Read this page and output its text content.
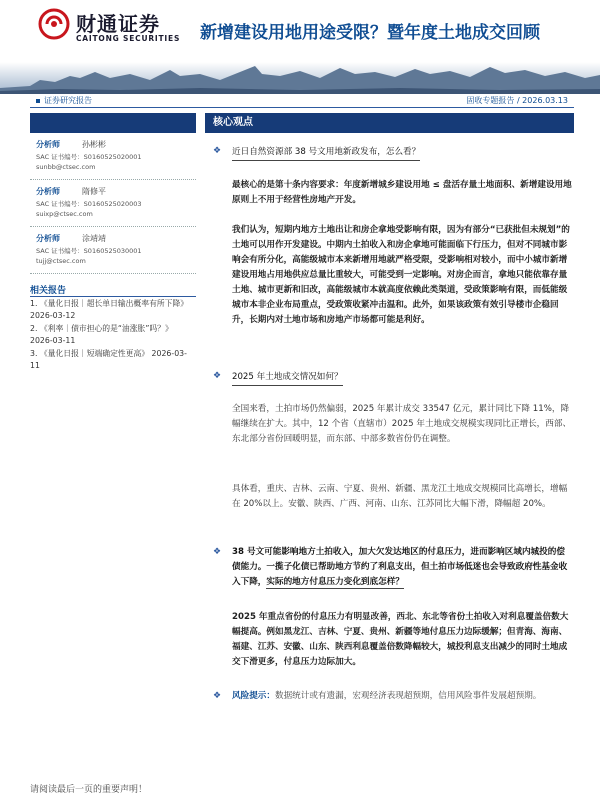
财通证券
CAITONG SECURITIES 新增建设用地用途受限？暨年度土地成交回顾
证券研究报告	固收专题报告 / 2026.03.13
分析师	孙彬彬
SAC 证书编号：S0160525020001
sunbb@ctsec.com
分析师	隋修平
SAC 证书编号：S0160525020003
suixp@ctsec.com
分析师	涂靖靖
SAC 证书编号：S0160525030001
tujj@ctsec.com
相关报告
1. 《量化日报｜超长单日输出概率有所下降》 2026-03-12
2. 《利率｜债市担心的是“油涨胀”吗？》 2026-03-11
3. 《量化日报｜短端确定性更高》 2026-03-11
核心观点
❖ 近日自然资源部 38 号文用地新政发布，怎么看？
最核心的是第十条内容要求：年度新增城乡建设用地 ≤ 盘活存量土地面积、新增建设用地原则上不用于经营性房地产开发。
我们认为，短期内地方土地出让和房企拿地受影响有限，因为有部分“已获批但未规划”的土地可以用作开发建设。中期内土拍收入和房企拿地可能面临下行压力，但对不同城市影响会有所分化，高能级城市本来新增用地就严格受限，受影响相对较小，而中小城市新增建设用地占用地供应总量比重较大，可能受到一定影响。对房企而言，拿地只能依靠存量土地、城市更新和旧改，高能级城市本就高度依赖此类渠道，受政策影响有限，而低能级城市本非企业布局重点，受政策收紧冲击温和。此外，如果该政策有效引导楼市企稳回升，长期内对土地市场和房地产市场都可能是利好。
❖ 2025 年土地成交情况如何？
全国来看，土拍市场仍然偏弱，2025 年累计成交 33547 亿元，累计同比下降 11%，降幅继续在扩大。其中，12 个省（直辖市）2025 年土地成交规模实现同比正增长，西部、东北部分省份回暖明显，而东部、中部多数省份仍在调整。
具体看，重庆、吉林、云南、宁夏、贵州、新疆、黑龙江土地成交规模同比高增长，增幅在 20%以上。安徽、陕西、广西、河南、山东、江苏同比大幅下滑，降幅超 20%。
❖ 38 号文可能影响地方土拍收入，加大欠发达地区的付息压力，进而影响区域内城投的偿债能力。一揽子化债已帮助地方节约了利息支出，但土拍市场低迷也会导致政府性基金收入下降，实际的地方付息压力变化到底怎样？
2025 年重点省份的付息压力有明显改善，西北、东北等省份土拍收入对利息覆盖倍数大幅提高。例如黑龙江、吉林、宁夏、贵州、新疆等地付息压力边际缓解；但青海、海南、福建、江苏、安徽、山东、陕西利息覆盖倍数降幅较大，城投利息支出减少的同时土地成交下滑更多，付息压力边际加大。
❖ 风险提示：数据统计或有遗漏，宏观经济表现超预期，信用风险事件发展超预期。
请阅读最后一页的重要声明！
